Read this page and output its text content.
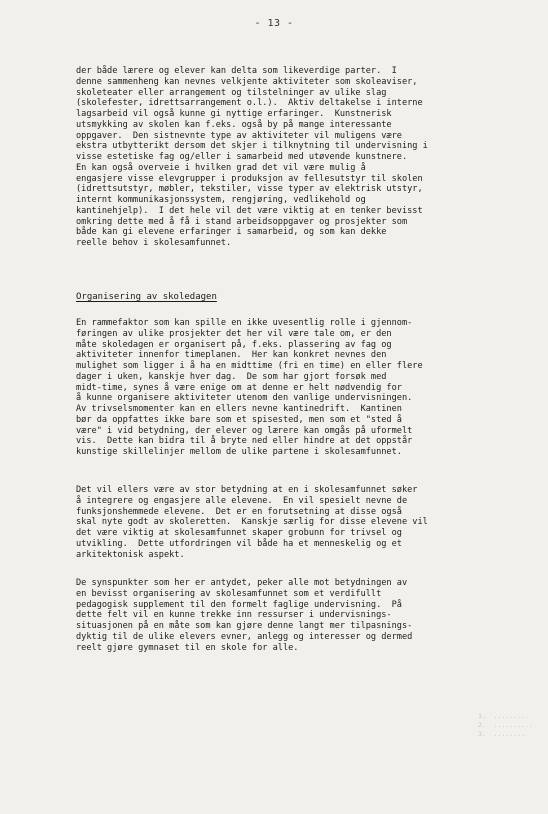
- 13 -
der både lærere og elever kan delta som likeverdige parter.  I
denne sammenheng kan nevnes velkjente aktiviteter som skoleaviser,
skoleteater eller arrangement og tilstelninger av ulike slag
(skolefester, idrettsarrangement o.l.).  Aktiv deltakelse i interne
lagsarbeid vil også kunne gi nyttige erfaringer.  Kunstnerisk
utsmykking av skolen kan f.eks. også by på mange interessante
oppgaver.  Den sistnevnte type av aktiviteter vil muligens være
ekstra utbytterikt dersom det skjer i tilknytning til undervisning i
visse estetiske fag og/eller i samarbeid med utøvende kunstnere.
En kan også overveie i hvilken grad det vil være mulig å
engasjere visse elevgrupper i produksjon av fellesutstyr til skolen
(idrettsutstyr, møbler, tekstiler, visse typer av elektrisk utstyr,
internt kommunikasjonssystem, rengjøring, vedlikehold og
kantinehjelp).  I det hele vil det være viktig at en tenker bevisst
omkring dette med å få i stand arbeidsoppgaver og prosjekter som
både kan gi elevene erfaringer i samarbeid, og som kan dekke
reelle behov i skolesamfunnet.
Organisering av skoledagen
En rammefaktor som kan spille en ikke uvesentlig rolle i gjennom-
føringen av ulike prosjekter det her vil være tale om, er den
måte skoledagen er organisert på, f.eks. plassering av fag og
aktiviteter innenfor timeplanen.  Her kan konkret nevnes den
mulighet som ligger i å ha en midttime (fri en time) en eller flere
dager i uken, kanskje hver dag.  De som har gjort forsøk med
midt-time, synes å være enige om at denne er helt nødvendig for
å kunne organisere aktiviteter utenom den vanlige undervisningen.
Av trivselsmomenter kan en ellers nevne kantinedrift.  Kantinen
bør da oppfattes ikke bare som et spisested, men som et "sted å
være" i vid betydning, der elever og lærere kan omgås på uformelt
vis.  Dette kan bidra til å bryte ned eller hindre at det oppstår
kunstige skillelinjer mellom de ulike partene i skolesamfunnet.
Det vil ellers være av stor betydning at en i skolesamfunnet søker
å integrere og engasjere alle elevene.  En vil spesielt nevne de
funksjonshemmede elevene.  Det er en forutsetning at disse også
skal nyte godt av skoleretten.  Kanskje særlig for disse elevene vil
det være viktig at skolesamfunnet skaper grobunn for trivsel og
utvikling.  Dette utfordringen vil både ha et menneskelig og et
arkitektonisk aspekt.
De synspunkter som her er antydet, peker alle mot betydningen av
en bevisst organisering av skolesamfunnet som et verdifullt
pedagogisk supplement til den formelt faglige undervisning.  På
dette felt vil en kunne trekke inn ressurser i undervisnings-
situasjonen på en måte som kan gjøre denne langt mer tilpasnings-
dyktig til de ulike elevers evner, anlegg og interesser og dermed
reelt gjøre gymnaset til en skole for alle.
1.  .........
2.  ..........
3.  ........
